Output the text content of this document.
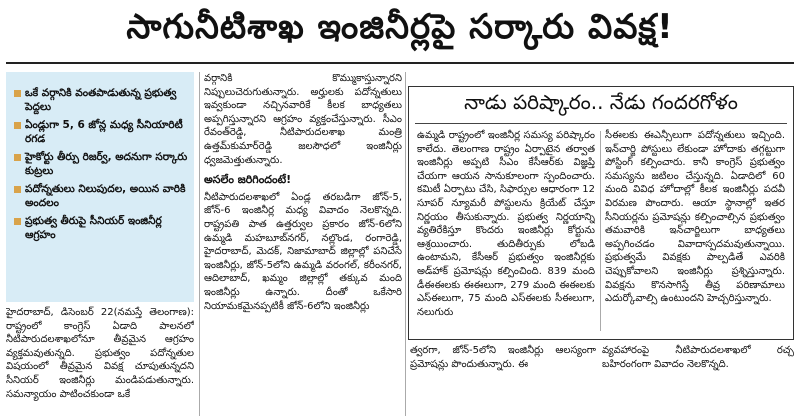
సాగునీటిశాఖ ఇంజినీర్లపై సర్కారు వివక్ష!
ఒకే వర్గానికి వంతపాడుతున్న ప్రభుత్వ పెద్దలు
ఏండ్లుగా 5, 6 జోన్ల మధ్య సీనియారిటీ రగడ
హైకోర్టు తీర్పు రిజర్వ్, అదనుగా సర్కారు కుట్రలు
పదోన్నతులు నిలుపుదల, అయిన వారికి అందలం
ప్రభుత్వ తీరుపై సీనియర్ ఇంజినీర్ల ఆగ్రహం

హైదరాబాద్, డిసెంబర్ 22(నమస్తే తెలంగాణ): రాష్ట్రంలో కాంగ్రెస్ ఏడాది పాలనలో నీటిపారుదలశాఖలోనూ తీవ్రమైన ఆగ్రహం వ్యక్తమవుతున్నది. ప్రభుత్వం పదోన్నతుల విషయంలో తీవ్రమైన వివక్ష చూపుతున్నదని సీనియర్ ఇంజినీర్లు మండిపడుతున్నారు. సమన్యాయం పాటించకుండా ఒకే

వర్గానికి కొమ్ముకాస్తున్నారని నిప్పులుచెరుగుతున్నారు. అర్హులకు పదోన్నతులు ఇవ్వకుండా నచ్చినవారికే కీలక బాధ్యతలు అప్పగిస్తున్నారని ఆగ్రహం వ్యక్తంచేస్తున్నారు. సీఎం రేవంత్‌రెడ్డి, నీటిపారుదలశాఖ మంత్రి ఉత్తమ్‌కుమార్‌రెడ్డి జలసౌధలో ఇంజినీర్లు ధ్వజమెత్తుతున్నారు.

అసలేం జరిగిందంటే!

నీటిపారుదలశాఖలో ఏండ్ల తరబడిగా జోన్-5, జోన్-6 ఇంజినీర్ల మధ్య వివాదం నెలకొన్నది. రాష్ట్రపతి పాత ఉత్తర్వుల ప్రకారం జోన్-6లోని ఉమ్మడి మహబూబ్‌నగర్, నల్లొండ, రంగారెడ్డి, హైదరాబాద్, మెదక్, నిజామాబాద్ జిల్లాల్లో పనిచేసే ఇంజినీర్లు, జోన్-5లోని ఉమ్మడి వరంగల్, కరీంనగర్, ఆదిలాబాద్, ఖమ్మం జిల్లాల్లో తక్కువ మంది ఇంజినీర్లు ఉన్నారు. దీంతో ఒకేసారి నియామకమైనప్పటికీ జోన్-6లోని ఇంజినీర్లు

నాడు పరిష్కారం.. నేడు గందరగోళం

ఉమ్మడి రాష్ట్రంలో ఇంజినీర్ల సమస్య పరిష్కారం కాలేదు. తెలంగాణ రాష్ట్రం ఏర్పాటైన తర్వాత ఇంజినీర్లు అప్పటి సీఎం కేసీఆర్‌కు విజ్ఞప్తి చేయగా ఆయన సానుకూలంగా స్పందించారు. కమిటీ ఏర్పాటు చేసి, సిఫార్సుల ఆధారంగా 12 సూపర్ న్యూమరీ పోస్టులను క్రియేట్ చేస్తూ నిర్ణయం తీసుకున్నారు. ప్రభుత్వ నిర్ణయాన్ని వ్యతిరేకిస్తూ కొందరు ఇంజినీర్లు కోర్టును ఆశ్రయించారు. తుదితీర్పుకు లోబడి ఉంటామని, కేసీఆర్ ప్రభుత్వం ఇంజినీర్లకు అడ్‌హాక్ ప్రమోషన్లు కల్పించింది. 839 మంది డీఈఈలకు ఈఈలుగా, 279 మంది ఈఈలకు ఎస్‌ఈలుగా, 75 మంది ఎస్‌ఈలకు సీఈలుగా, నలుగురు

సీఈలకు ఈఎన్సీలుగా పదోన్నతులు ఇచ్చింది. ఇన్‌చార్జి పోస్టులు లేకుండా హోదాకు తగ్గట్టుగా పోస్టింగ్ కల్పించారు. కానీ కాంగ్రెస్ ప్రభుత్వం సమస్యను జటిలం చేస్తున్నది. ఏడాదిలో 60 మంది వివిధ హోదాల్లో కీలక ఇంజినీర్లు పదవీ విరమణ పొందారు. ఆయా స్థానాల్లో ఇతర సీనియర్లను ప్రమోషన్లు కల్పించాల్సిన ప్రభుత్వం తమవారికి ఇన్‌చార్జిలుగా బాధ్యతలు అప్పగించడం వివాదాస్పదమవుతున్నాయి. ప్రభుత్వమే వివక్షకు పాల్పడితే ఎవరికి చెప్పుకోవాలని ఇంజినీర్లు ప్రశ్నిస్తున్నారు. వివక్షను కొనసాగిస్తే తీవ్ర పరిణామాలు ఎదుర్కోవాల్సి ఉంటుందని హెచ్చరిస్తున్నారు.

త్వరగా, జోన్-5లోని ఇంజినీర్లు ఆలస్యంగా ప్రమోషన్లు పొందుతున్నారు. ఈ

వ్యవహారంపై నీటిపారుదలశాఖలో రచ్చ బహిరంగంగా వివాదం నెలకొన్నది.
